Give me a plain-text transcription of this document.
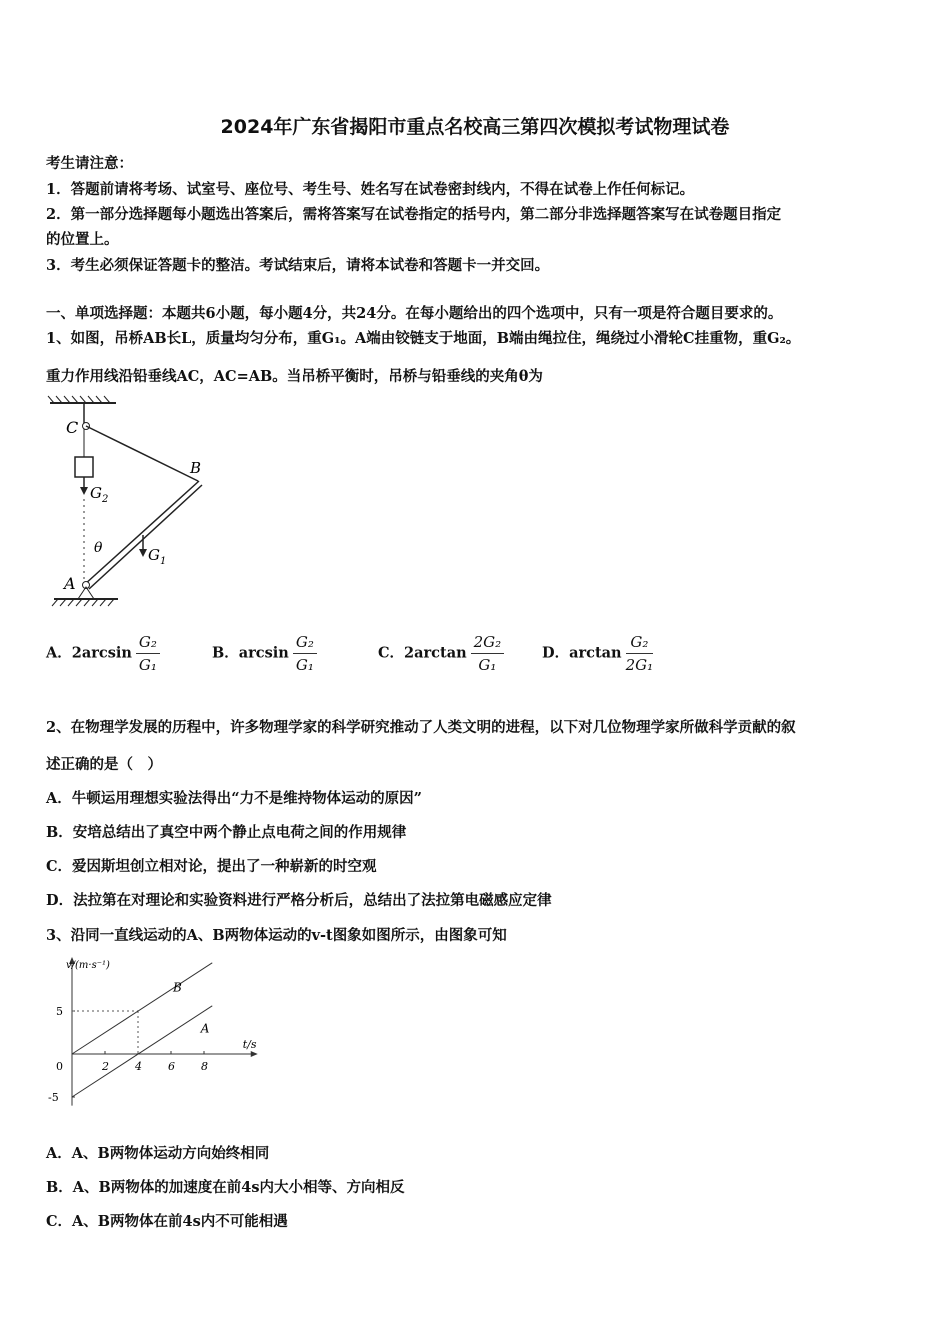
2024年广东省揭阳市重点名校高三第四次模拟考试物理试卷
考生请注意：
1．答题前请将考场、试室号、座位号、考生号、姓名写在试卷密封线内，不得在试卷上作任何标记。
2．第一部分选择题每小题选出答案后，需将答案写在试卷指定的括号内，第二部分非选择题答案写在试卷题目指定
的位置上。
3．考生必须保证答题卡的整洁。考试结束后，请将本试卷和答题卡一并交回。
一、单项选择题：本题共6小题，每小题4分，共24分。在每小题给出的四个选项中，只有一项是符合题目要求的。
1、如图，吊桥AB长L，质量均匀分布，重G₁。A端由铰链支于地面，B端由绳拉住，绳绕过小滑轮C挂重物，重G₂。
重力作用线沿铅垂线AC，AC=AB。当吊桥平衡时，吊桥与铅垂线的夹角θ为
C
B
$G_2$
θ	$G_1$
A
A．$2\arcsin \frac{\text{G₂}}{\text{G₁}}$	B．$\arcsin \frac{\text{G₂}}{\text{G₁}}$	C．$2\arctan \frac{\text{2G₂}}{\text{G₁}}$	D．$\arctan \frac{\text{G₂}}{\text{2G₁}}$
2、在物理学发展的历程中，许多物理学家的科学研究推动了人类文明的进程，以下对几位物理学家所做科学贡献的叙
述正确的是（　）
A．牛顿运用理想实验法得出“力不是维持物体运动的原因”
B．安培总结出了真空中两个静止点电荷之间的作用规律
C．爱因斯坦创立相对论，提出了一种崭新的时空观
D．法拉第在对理论和实验资料进行严格分析后，总结出了法拉第电磁感应定律
3、沿同一直线运动的A、B两物体运动的v-t图象如图所示，由图象可知
v/(m·s⁻¹)
t/s
0	2 4 6 8
5
-5
B
A
A．A、B两物体运动方向始终相同
B．A、B两物体的加速度在前4s内大小相等、方向相反
C．A、B两物体在前4s内不可能相遇
